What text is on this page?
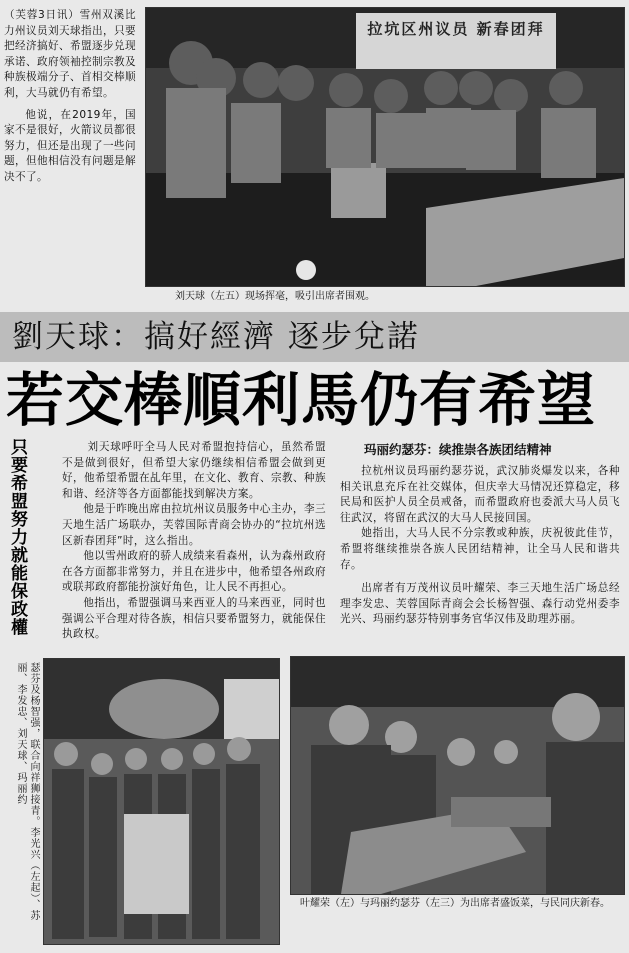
（芙蓉3日讯）雪州双溪比力州议员刘天球指出，只要把经济搞好、希盟逐步兑现承诺、政府领袖控制宗教及种族极端分子、首相交棒顺利，大马就仍有希望。

他说，在2019年，国家不是很好，火箭议员都很努力，但还是出现了一些问题，但他相信没有问题是解决不了。

拉坑区州议员 新春团拜
刘天球（左五）现场挥毫，吸引出席者围观。
劉天球：搞好經濟 逐步兌諾
若交棒順利馬仍有希望
只要希盟努力就能保政權	刘天球呼吁全马人民对希盟抱持信心，虽然希盟不是做到很好，但希望大家仍继续相信希盟会做到更好，他希望希盟在乩年里，在文化、教育、宗教、种族和谐、经济等各方面都能找到解决方案。

他是于昨晚出席由拉坑州议员服务中心主办，李三天地生活广场联办，芙蓉国际青商会协办的“拉坑州选区新春团拜”时，这么指出。

他以雪州政府的骄人成绩来看森州，认为森州政府在各方面都非常努力，并且在进步中，他希望各州政府或联邦政府都能扮演好角色，让人民不再担心。

他指出，希盟强调马来西亚人的马来西亚，同时也强调公平合理对待各族，相信只要希盟努力，就能保住执政权。

玛丽约瑟芬：续推崇各族团结精神

拉杭州议员玛丽约瑟芬说，武汉肺炎爆发以来，各种相关讯息充斥在社交媒体，但庆幸大马情况还算稳定，移民局和医护人员全员戒备，而希盟政府也委派大马人员飞往武汉，将留在武汉的大马人民接回国。

她指出，大马人民不分宗教或种族，庆祝彼此佳节，希盟将继续推崇各族人民团结精神，让全马人民和谐共存。

出席者有万茂州议员叶耀荣、李三天地生活广场总经理李发忠、芙蓉国际青商会会长杨智强、森行动党州委李光兴、玛丽约瑟芬特别事务官华汉伟及助理苏丽。

瑟芬及杨智强，联合向祥狮接青。李光兴（左起）、苏丽、李发忠、刘天球、玛丽约
叶耀荣（左）与玛丽约瑟芬（左三）为出席者盛饭菜，与民同庆新春。
